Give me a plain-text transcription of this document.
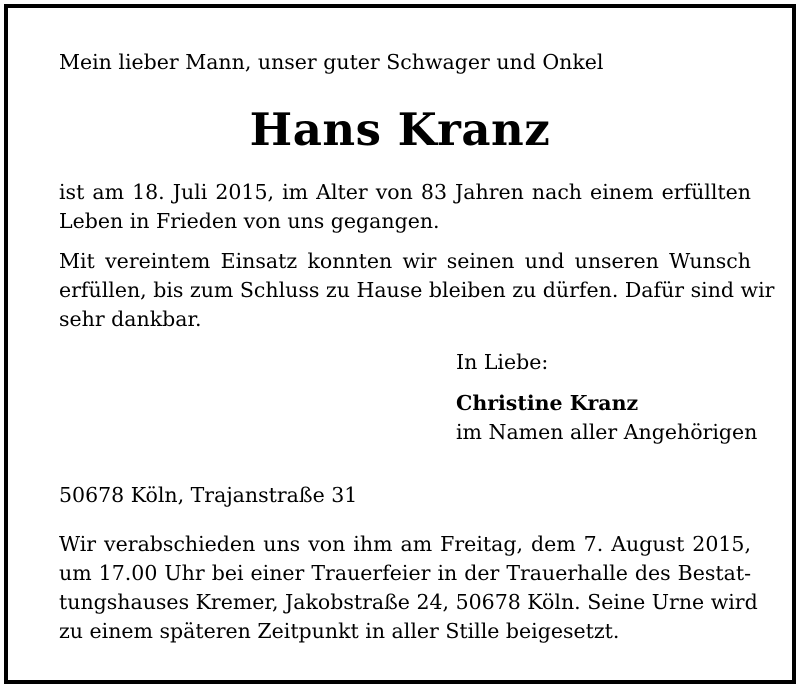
Mein lieber Mann, unser guter Schwager und Onkel
Hans Kranz
ist am 18. Juli 2015, im Alter von 83 Jahren nach einem erfüllten
Leben in Frieden von uns gegangen.
Mit vereintem Einsatz konnten wir seinen und unseren Wunsch
erfüllen, bis zum Schluss zu Hause bleiben zu dürfen. Dafür sind wir
sehr dankbar.
In Liebe:
Christine Kranz
im Namen aller Angehörigen
50678 Köln, Trajanstraße 31
Wir verabschieden uns von ihm am Freitag, dem 7. August 2015,
um 17.00 Uhr bei einer Trauerfeier in der Trauerhalle des Bestat-
tungshauses Kremer, Jakobstraße 24, 50678 Köln. Seine Urne wird
zu einem späteren Zeitpunkt in aller Stille beigesetzt.
